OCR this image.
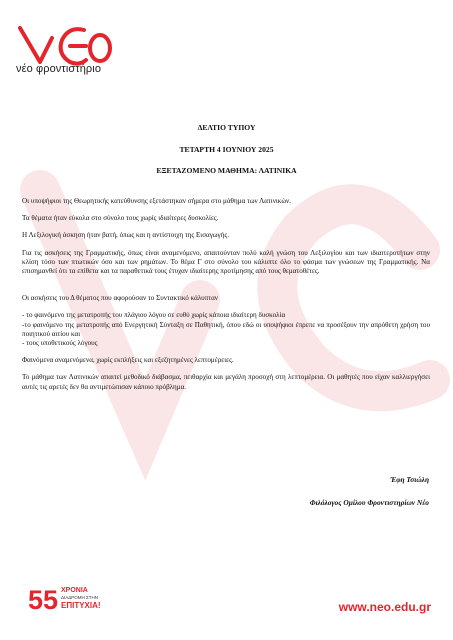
νέο φροντιστήριο
ΔΕΛΤΙΟ ΤΥΠΟΥ
ΤΕΤΑΡΤΗ 4 ΙΟΥΝΙΟΥ 2025
ΕΞΕΤΑΖΟΜΕΝΟ ΜΑΘΗΜΑ: ΛΑΤΙΝΙΚΑ

Οι υποψήφιοι της Θεωρητικής κατεύθυνσης εξετάστηκαν σήμερα στο μάθημα των Λατινικών.

Τα θέματα ήταν εύκολα στο σύνολο τους χωρίς ιδιαίτερες δυσκολίες.

Η Λεξιλογική άσκηση ήταν βατή, όπως και η αντίστοιχη της Εισαγωγής.

Για τις ασκήσεις της Γραμματικής, όπως είναι αναμενόμενο, απαιτούνταν πολύ καλή γνώση του Λεξιλογίου και των ιδιαιτεροτήτων στην κλίση τόσο των πτωτικών όσο και των ρημάτων. Το θέμα Γ στο σύνολο του κάλυπτε όλο το φάσμα των γνώσεων της Γραμματικής. Να επισημανθεί ότι τα επίθετα και τα παραθετικά τους έτυχαν ιδιαίτερης προτίμησης από τους θεματοθέτες.

Οι ασκήσεις του Δ θέματος που αφορούσαν το Συντακτικό κάλυπταν

- το φαινόμενο της μετατροπής του πλάγιου λόγου σε ευθύ χωρίς κάποια ιδιαίτερη δυσκολία
-το φαινόμενο της μετατροπής από Ενεργητική Σύνταξη σε Παθητική, όπου εδώ οι υποψήφιοι έπρεπε να προσέξουν την απρόθετη χρήση του ποιητικού αιτίου και
- τους υποθετικούς λόγους

Φαινόμενα αναμενόμενα, χωρίς εκπλήξεις και εξεζητημένες λεπτομέρειες.

Το μάθημα των Λατινικών απαιτεί μεθοδικό διάβασμα, πειθαρχία και μεγάλη προσοχή στη λεπτομέρεια. Οι μαθητές που είχαν καλλιεργήσει αυτές τις αρετές δεν θα αντιμετώπισαν κάποιο πρόβλημα.

Έφη Τσιώλη
Φιλόλογος Ομίλου Φροντιστηρίων Νέο
55 ΧΡΟΝΙΑ
ΔΙΑΔΡΟΜΗ ΣΤΗΝ
ΕΠΙΤΥΧΙΑ!	www.neo.edu.gr
